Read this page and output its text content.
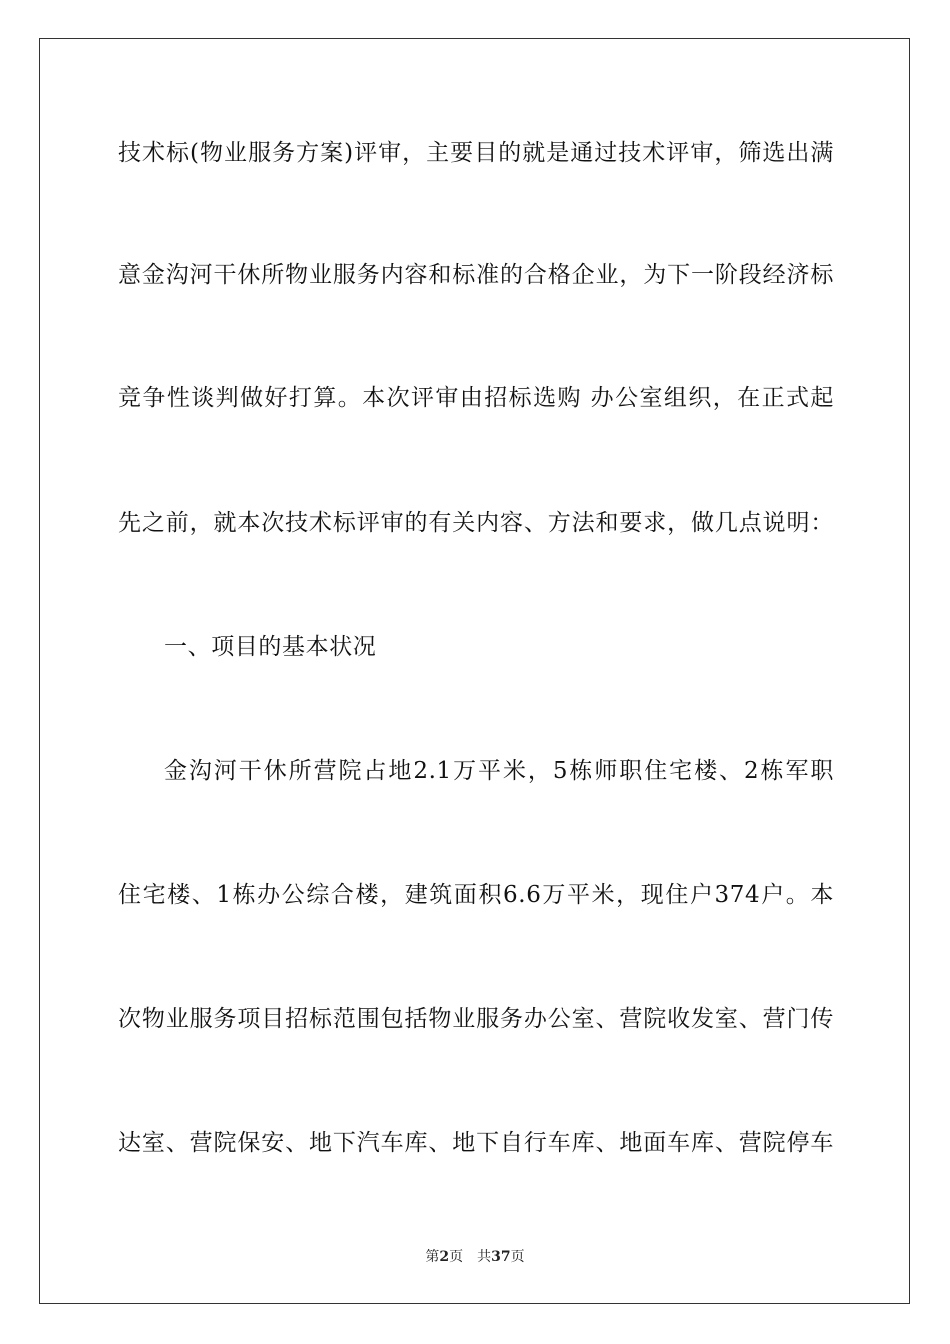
技术标(物业服务方案)评审，主要目的就是通过技术评审，筛选出满
意金沟河干休所物业服务内容和标准的合格企业，为下一阶段经济标
竞争性谈判做好打算。本次评审由招标选购 办公室组织，在正式起
先之前，就本次技术标评审的有关内容、方法和要求，做几点说明：
一、项目的基本状况
金沟河干休所营院占地2.1万平米，5栋师职住宅楼、2栋军职
住宅楼、1栋办公综合楼，建筑面积6.6万平米，现住户374户。本
次物业服务项目招标范围包括物业服务办公室、营院收发室、营门传
达室、营院保安、地下汽车库、地下自行车库、地面车库、营院停车
第2页 共37页
